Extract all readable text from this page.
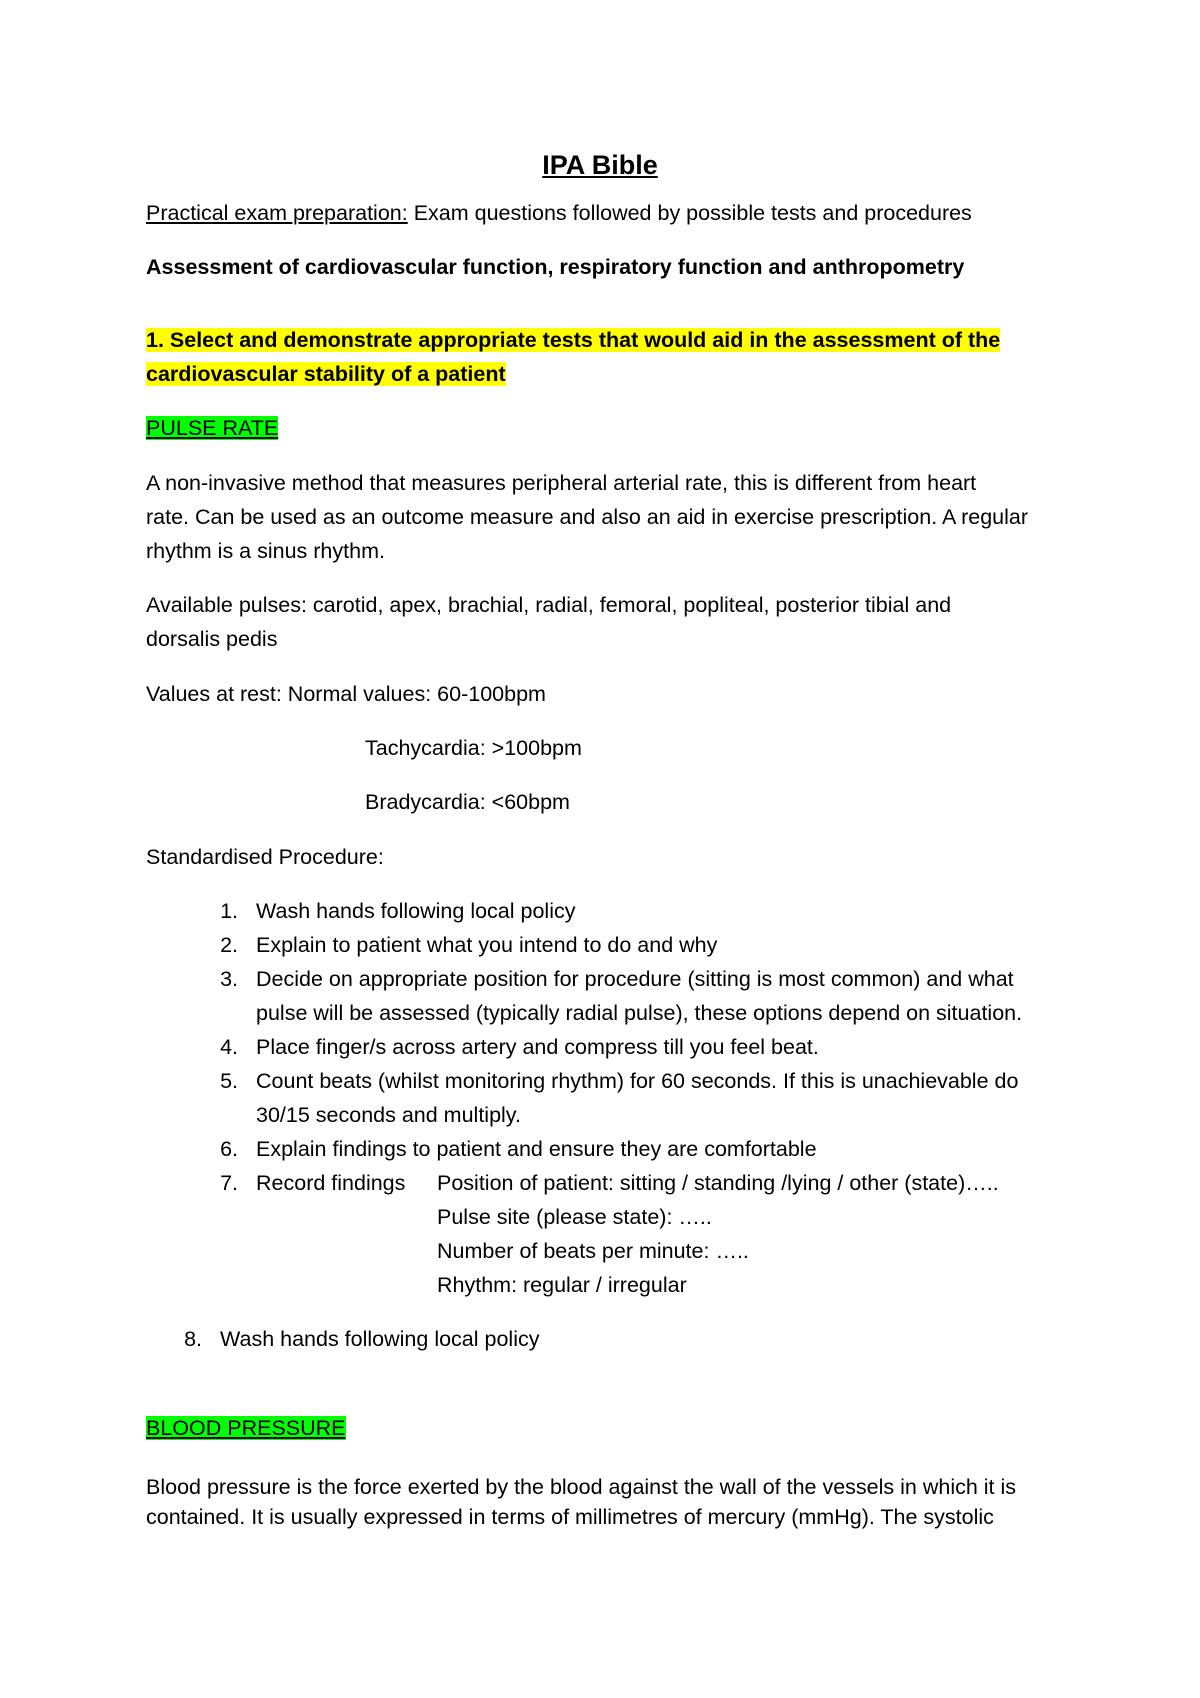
IPA Bible
Practical exam preparation: Exam questions followed by possible tests and procedures
Assessment of cardiovascular function, respiratory function and anthropometry
1. Select and demonstrate appropriate tests that would aid in the assessment of the
cardiovascular stability of a patient
PULSE RATE
A non-invasive method that measures peripheral arterial rate, this is different from heart
rate. Can be used as an outcome measure and also an aid in exercise prescription. A regular
rhythm is a sinus rhythm.
Available pulses: carotid, apex, brachial, radial, femoral, popliteal, posterior tibial and
dorsalis pedis
Values at rest: Normal values: 60-100bpm
Tachycardia: >100bpm
Bradycardia: <60bpm
Standardised Procedure:
1. Wash hands following local policy
2. Explain to patient what you intend to do and why
3. Decide on appropriate position for procedure (sitting is most common) and what
pulse will be assessed (typically radial pulse), these options depend on situation.
4. Place finger/s across artery and compress till you feel beat.
5. Count beats (whilst monitoring rhythm) for 60 seconds. If this is unachievable do
30/15 seconds and multiply.
6. Explain findings to patient and ensure they are comfortable
7. Record findings Position of patient: sitting / standing /lying / other (state)…..
Pulse site (please state): …..
Number of beats per minute: …..
Rhythm: regular / irregular
8. Wash hands following local policy
BLOOD PRESSURE
Blood pressure is the force exerted by the blood against the wall of the vessels in which it is
contained. It is usually expressed in terms of millimetres of mercury (mmHg). The systolic
